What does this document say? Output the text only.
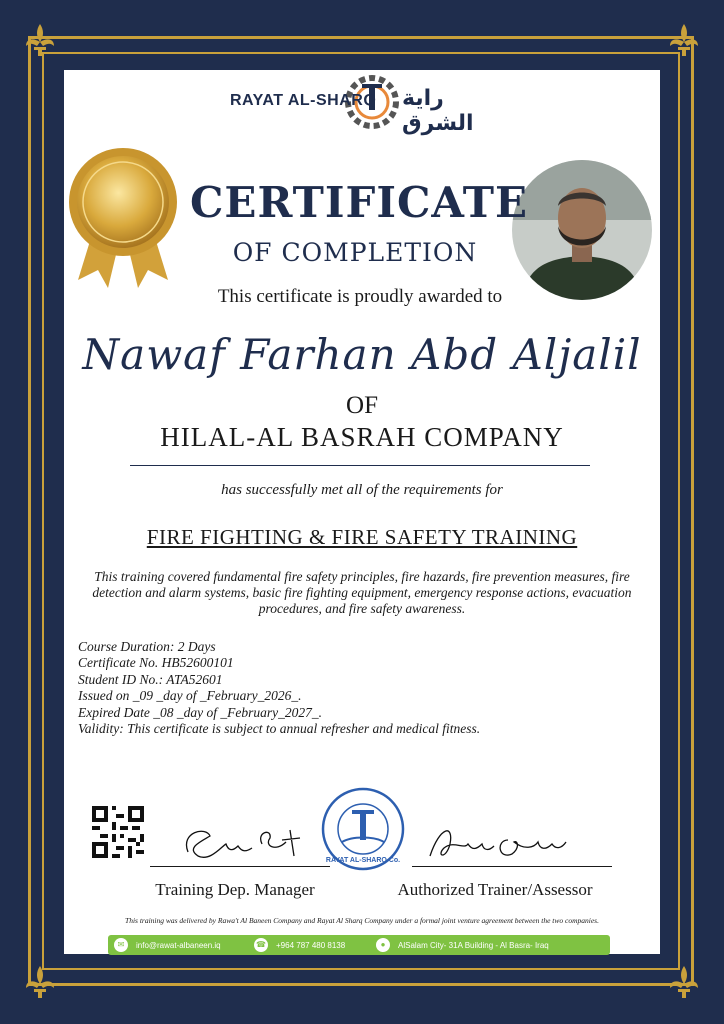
RAYAT AL-SHARQ راية الشرق
CERTIFICATE
OF COMPLETION
This certificate is proudly awarded to
Nawaf Farhan Abd Aljalil
OF
HILAL-AL BASRAH COMPANY
has successfully met all of the requirements for
FIRE FIGHTING & FIRE SAFETY TRAINING
This training covered fundamental fire safety principles, fire hazards, fire prevention measures, fire detection and alarm systems, basic fire fighting equipment, emergency response actions, evacuation procedures, and fire safety awareness.
Course Duration: 2 Days
Certificate No. HB52600101
Student ID No.: ATA52601
Issued on _09 _day of _February_2026_.
Expired Date _08 _day of _February_2027_.
Validity: This certificate is subject to annual refresher and medical fitness.
Emad Seif
Ahmed Gomaa
RAYAT AL-SHARQ Co.
Training Dep. Manager	Authorized Trainer/Assessor
This training was delivered by Rawa't Al Baneen Company and Rayat Al Sharq Company under a formal joint venture agreement between the two companies.
✉	info@rawat-albaneen.iq	☎ +964 787 480 8138	●	AlSalam City- 31A Building - Al Basra- Iraq
